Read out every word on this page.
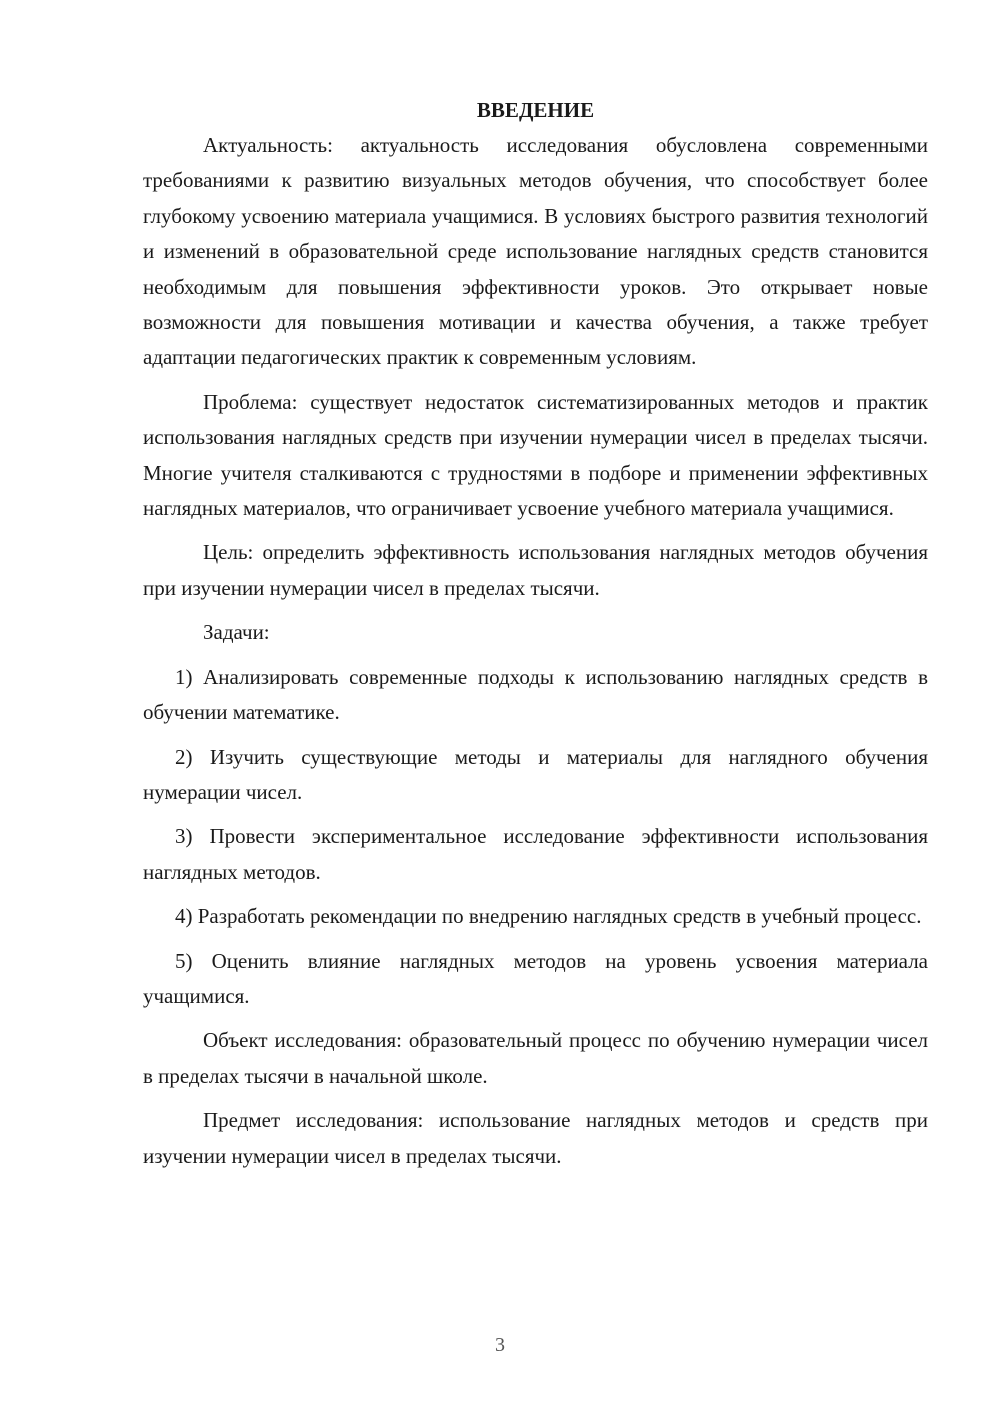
ВВЕДЕНИЕ

Актуальность: актуальность исследования обусловлена современными требованиями к развитию визуальных методов обучения, что способствует более глубокому усвоению материала учащимися. В условиях быстрого развития технологий и изменений в образовательной среде использование наглядных средств становится необходимым для повышения эффективности уроков. Это открывает новые возможности для повышения мотивации и качества обучения, а также требует адаптации педагогических практик к современным условиям.

Проблема: существует недостаток систематизированных методов и практик использования наглядных средств при изучении нумерации чисел в пределах тысячи. Многие учителя сталкиваются с трудностями в подборе и применении эффективных наглядных материалов, что ограничивает усвоение учебного материала учащимися.

Цель: определить эффективность использования наглядных методов обучения при изучении нумерации чисел в пределах тысячи.

Задачи:

1) Анализировать современные подходы к использованию наглядных средств в обучении математике.

2) Изучить существующие методы и материалы для наглядного обучения нумерации чисел.

3) Провести экспериментальное исследование эффективности использования наглядных методов.

4) Разработать рекомендации по внедрению наглядных средств в учебный процесс.

5) Оценить влияние наглядных методов на уровень усвоения материала учащимися.

Объект исследования: образовательный процесс по обучению нумерации чисел в пределах тысячи в начальной школе.

Предмет исследования: использование наглядных методов и средств при изучении нумерации чисел в пределах тысячи.

3
